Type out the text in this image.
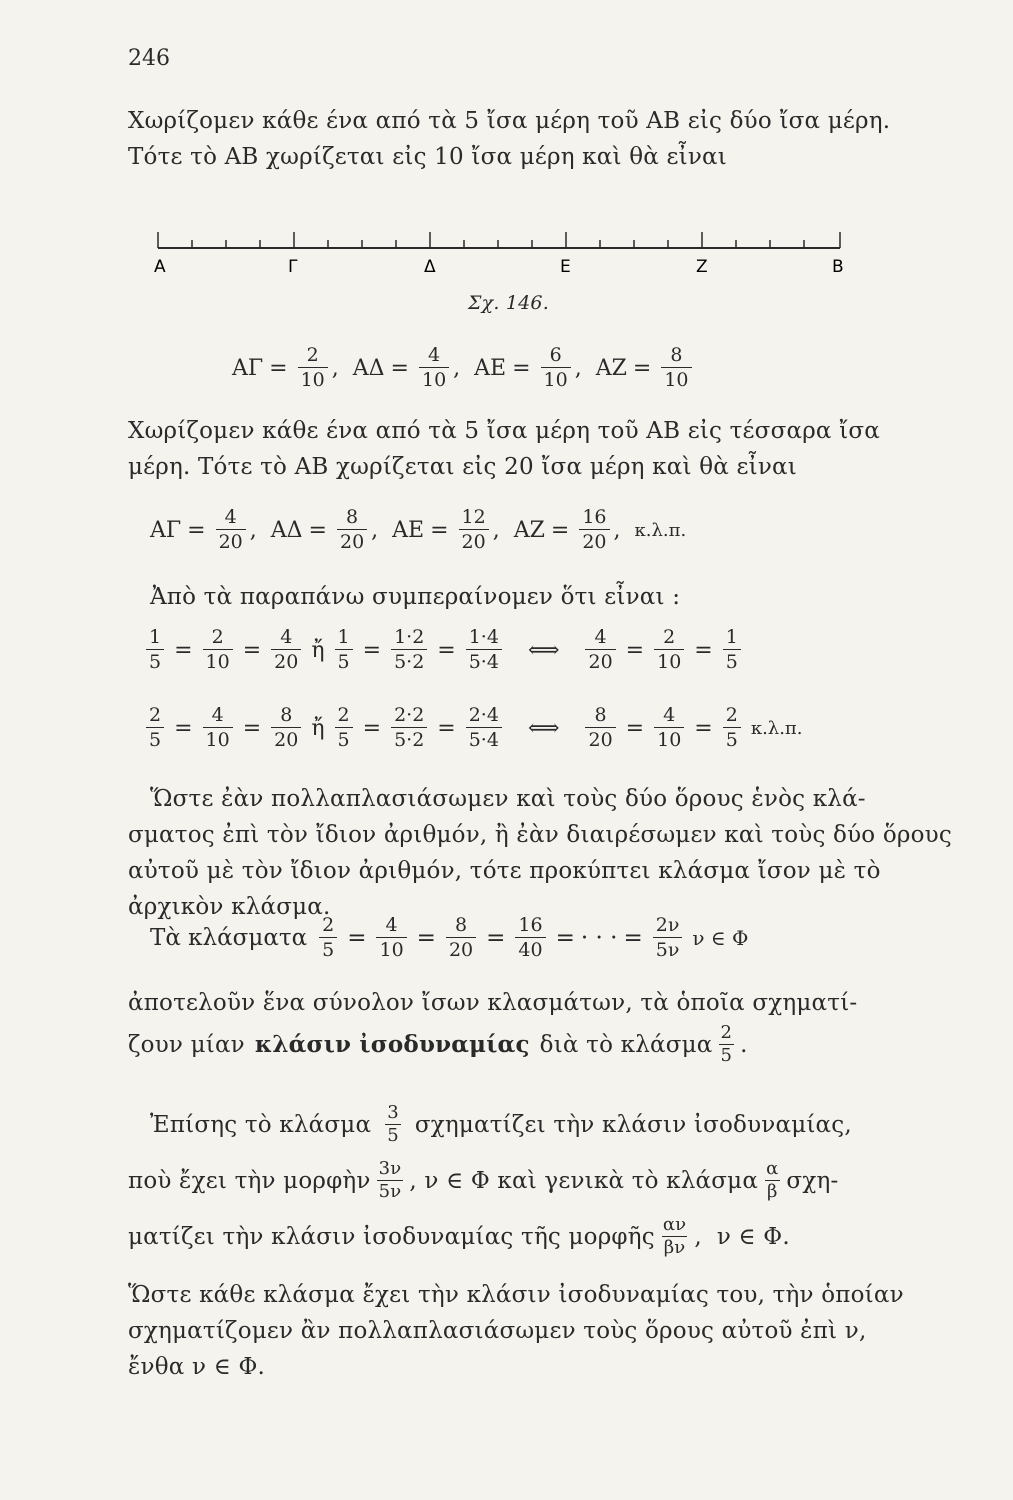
246
Χωρίζομεν κάθε ένα από τὰ 5 ἴσα μέρη τοῦ ΑΒ εἰς δύο ἴσα μέρη.
Τότε τὸ ΑΒ χωρίζεται εἰς 10 ἴσα μέρη καὶ θὰ εἶναι
Α	Γ	Δ	Ε	Ζ	Β
Σχ. 146.
$A\Gamma = \frac{2}{10}$ , $A\Delta = \frac{4}{10}$ , $AE = \frac{6}{10}$ , $AZ = \frac{8}{10}$
Χωρίζομεν κάθε ένα από τὰ 5 ἴσα μέρη τοῦ ΑΒ εἰς τέσσαρα ἴσα
μέρη. Τότε τὸ ΑΒ χωρίζεται εἰς 20 ἴσα μέρη καὶ θὰ εἶναι
$A\Gamma = \frac{4}{20}$ , $A\Delta = \frac{8}{20}$ , $AE = \frac{12}{20}$ , $AZ = \frac{16}{20}$ , κ.λ.π.
Ἀπὸ τὰ παραπάνω συμπεραίνομεν ὅτι εἶναι :
$\frac{1}{5} = \frac{2}{10} = \frac{4}{20}$ ἤ $\frac{1}{5} = \frac{1\cdot 2}{5\cdot 2} = \frac{1\cdot 4}{5\cdot 4}$ ⟺ $\frac{4}{20} = \frac{2}{10} = \frac{1}{5}$
$\frac{2}{5} = \frac{4}{10} = \frac{8}{20}$ ἤ $\frac{2}{5} = \frac{2\cdot 2}{5\cdot 2} = \frac{2\cdot 4}{5\cdot 4}$ ⟺ $\frac{8}{20} = \frac{4}{10} = \frac{2}{5} \kappa.\lambda.\pi$.
Ὥστε ἐὰν πολλαπλασιάσωμεν καὶ τοὺς δύο ὅρους ἑνὸς κλά-
σματος ἐπὶ τὸν ἴδιον ἀριθμόν, ἢ ἐὰν διαιρέσωμεν καὶ τοὺς δύο ὅρους
αὐτοῦ μὲ τὸν ἴδιον ἀριθμόν, τότε προκύπτει κλάσμα ἴσον μὲ τὸ
ἀρχικὸν κλάσμα.
Τὰ κλάσματα $\frac{2}{5} = \frac{4}{10} = \frac{8}{20} = \frac{16}{40}$ = · · · = $\frac{2\nu}{5\nu}$ ν ∈ Φ
ἀποτελοῦν ἕνα σύνολον ἴσων κλασμάτων, τὰ ὁποῖα σχηματί-
ζουν μίαν κλάσιν ἰσοδυναμίας διὰ τὸ κλάσμα $\frac{2}{5}$ .
Ἐπίσης τὸ κλάσμα $\frac{3}{5}$ σχηματίζει τὴν κλάσιν ἰσοδυναμίας,
ποὺ ἔχει τὴν μορφὴν $\frac{3\nu}{5\nu}$ , ν ∈ Φ καὶ γενικὰ τὸ κλάσμα $\frac{\alpha}{\beta} \sigma\chi\eta-$
ματίζει τὴν κλάσιν ἰσοδυναμίας τῆς μορφῆς $\frac{\alpha\nu}{\beta\nu}$ , ν ∈ Φ.
Ὥστε κάθε κλάσμα ἔχει τὴν κλάσιν ἰσοδυναμίας του, τὴν ὁποίαν
σχηματίζομεν ἂν πολλαπλασιάσωμεν τοὺς ὅρους αὐτοῦ ἐπὶ ν,
ἔνθα ν ∈ Φ.
